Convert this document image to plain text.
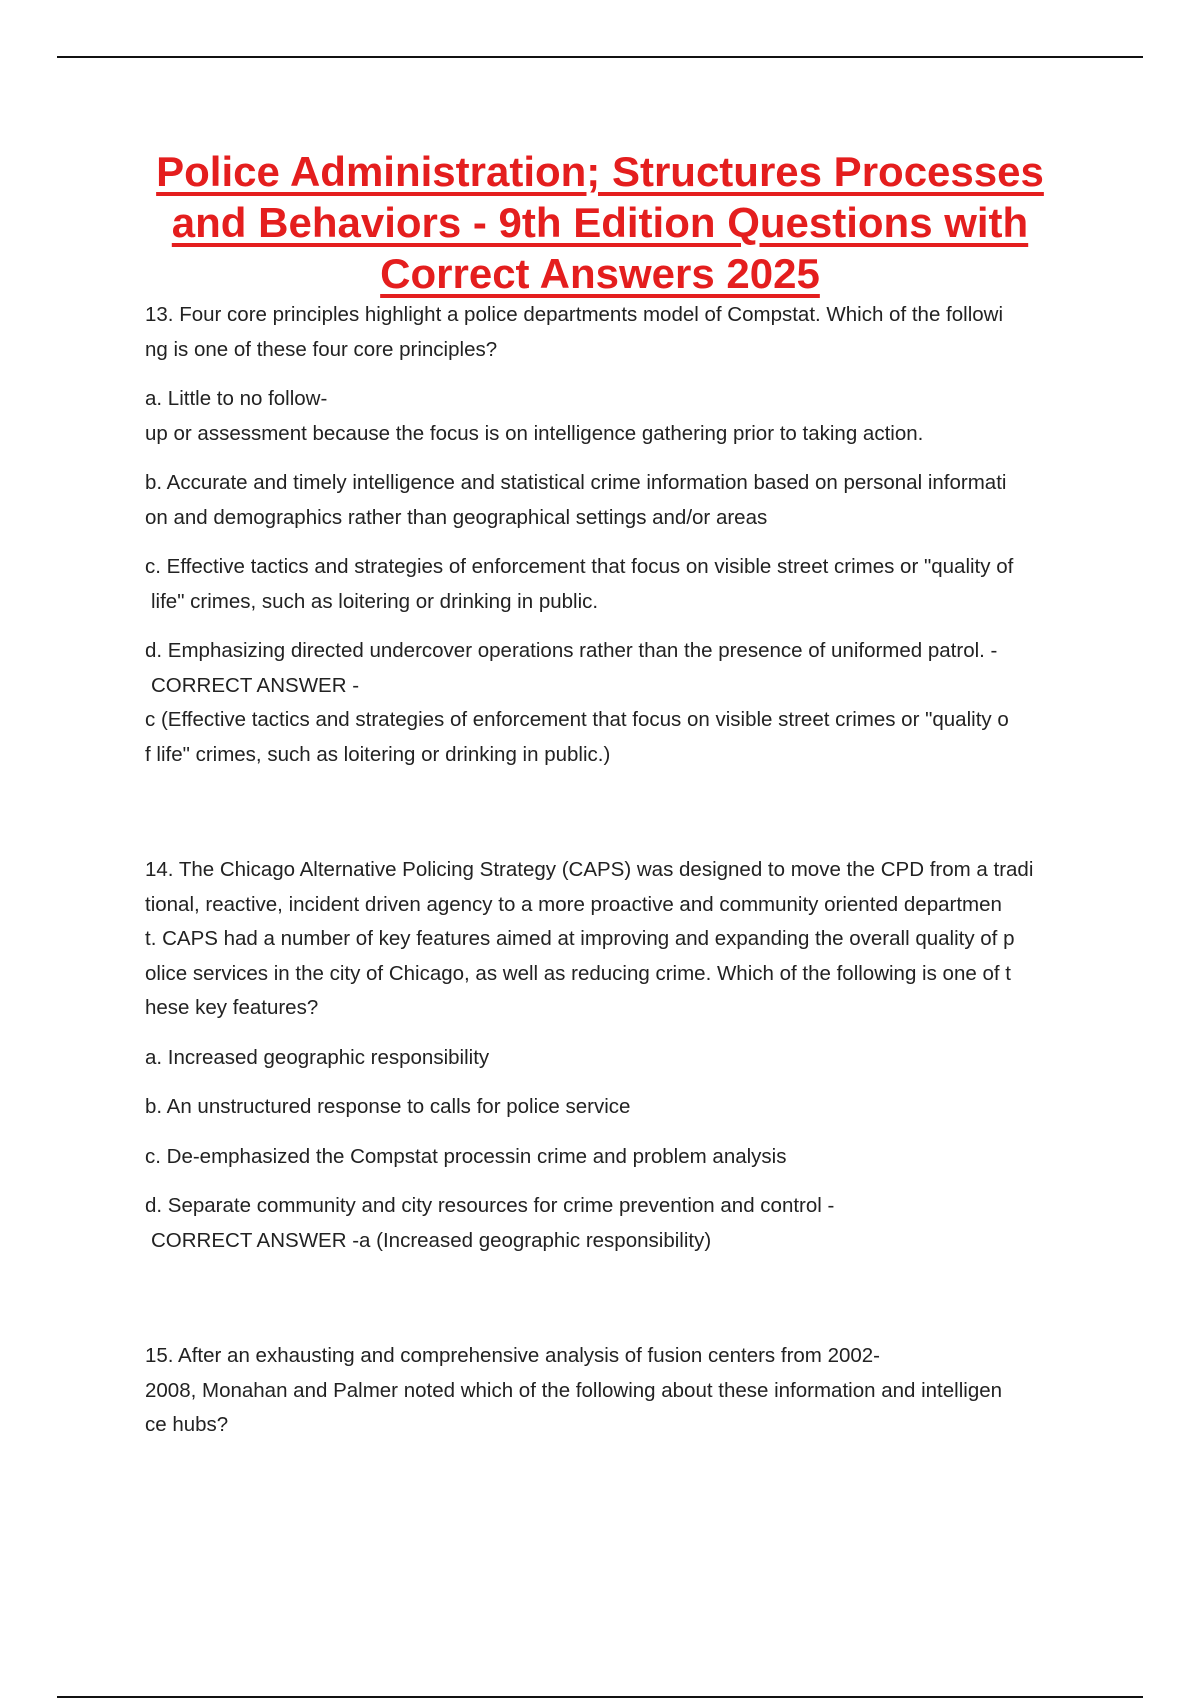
Police Administration; Structures Processes
and Behaviors - 9th Edition Questions with
Correct Answers 2025
13. Four core principles highlight a police departments model of Compstat. Which of the followi
ng is one of these four core principles?
a. Little to no follow-
up or assessment because the focus is on intelligence gathering prior to taking action.
b. Accurate and timely intelligence and statistical crime information based on personal informati
on and demographics rather than geographical settings and/or areas
c. Effective tactics and strategies of enforcement that focus on visible street crimes or "quality of
life" crimes, such as loitering or drinking in public.
d. Emphasizing directed undercover operations rather than the presence of uniformed patrol. -
CORRECT ANSWER -
c (Effective tactics and strategies of enforcement that focus on visible street crimes or "quality o
f life" crimes, such as loitering or drinking in public.)
14. The Chicago Alternative Policing Strategy (CAPS) was designed to move the CPD from a tradi
tional, reactive, incident driven agency to a more proactive and community oriented departmen
t. CAPS had a number of key features aimed at improving and expanding the overall quality of p
olice services in the city of Chicago, as well as reducing crime. Which of the following is one of t
hese key features?
a. Increased geographic responsibility
b. An unstructured response to calls for police service
c. De-emphasized the Compstat processin crime and problem analysis
d. Separate community and city resources for crime prevention and control -
CORRECT ANSWER -a (Increased geographic responsibility)
15. After an exhausting and comprehensive analysis of fusion centers from 2002-
2008, Monahan and Palmer noted which of the following about these information and intelligen
ce hubs?
